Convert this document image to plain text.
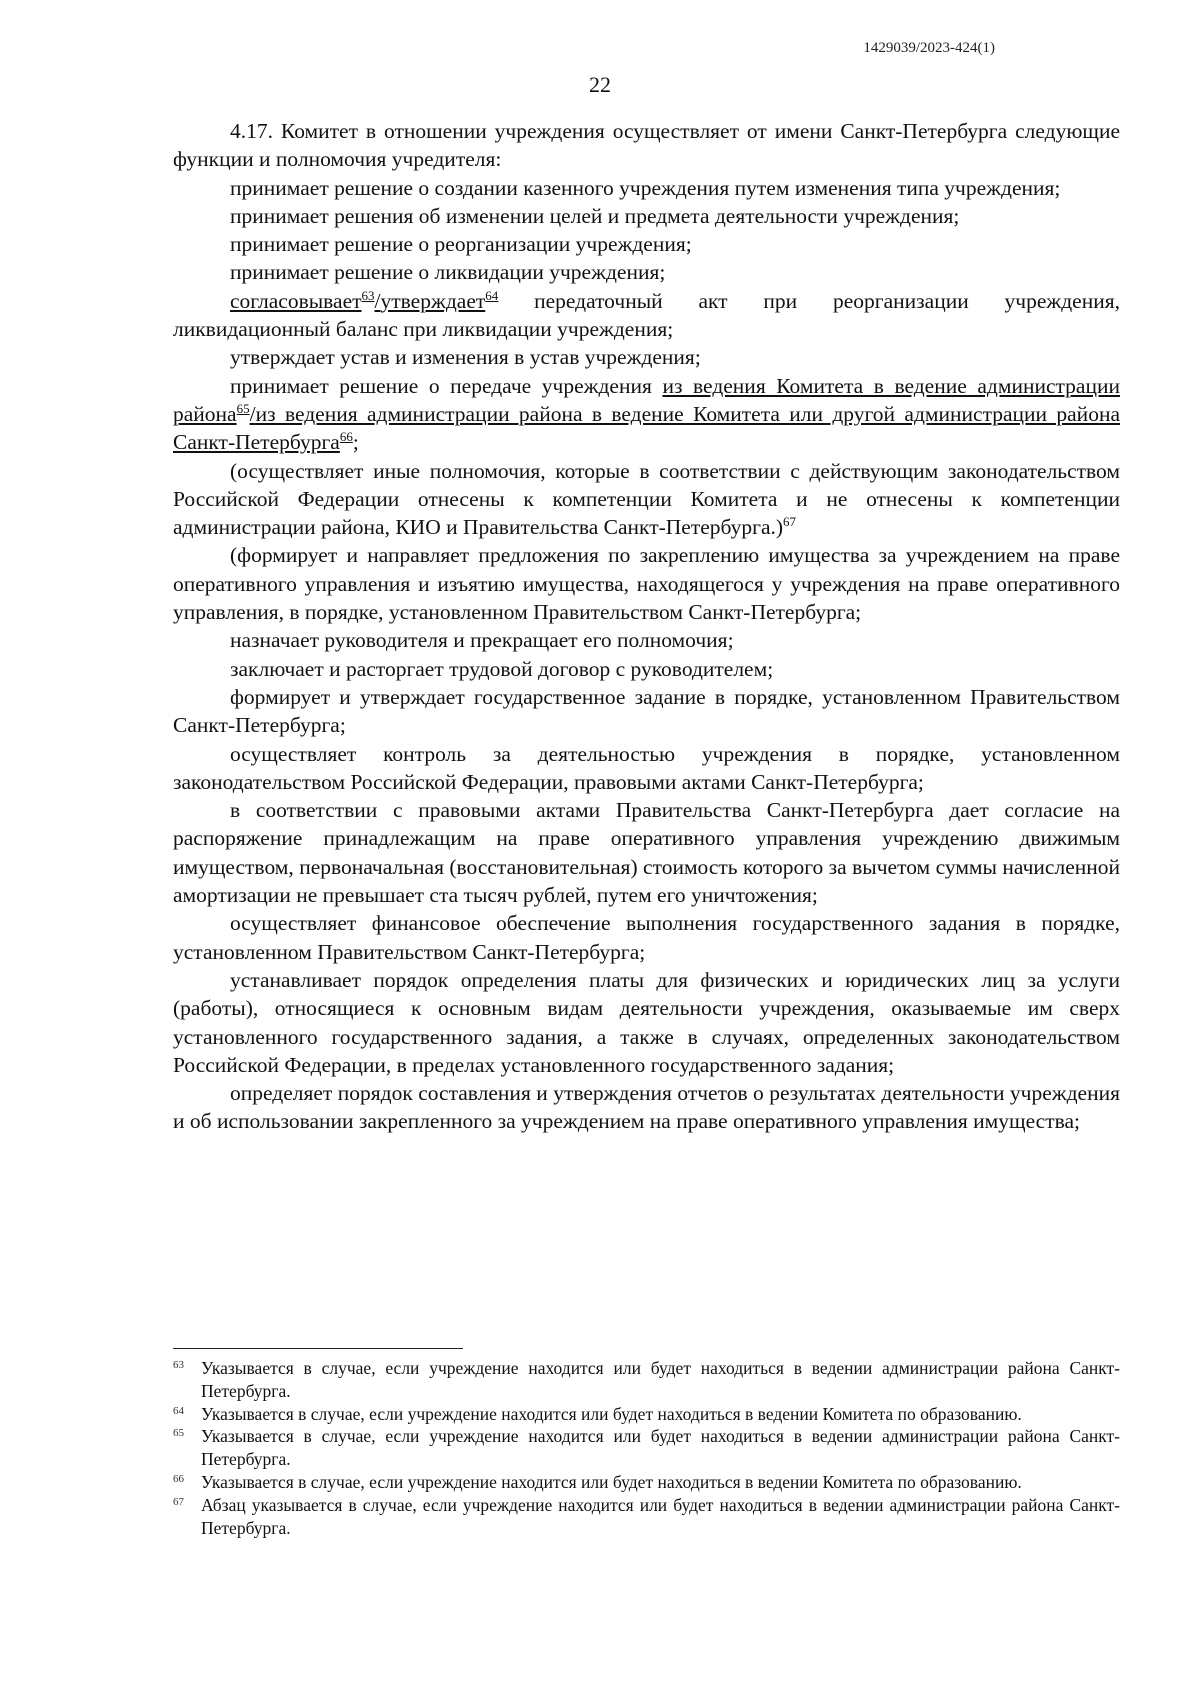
1429039/2023-424(1)
22

4.17. Комитет в отношении учреждения осуществляет от имени Санкт-Петербурга следующие функции и полномочия учредителя:

принимает решение о создании казенного учреждения путем изменения типа учреждения;

принимает решения об изменении целей и предмета деятельности учреждения;

принимает решение о реорганизации учреждения;

принимает решение о ликвидации учреждения;

согласовывает$^{63}$/утверждает$^{64}$ передаточный акт при реорганизации учреждения, ликвидационный баланс при ликвидации учреждения;

утверждает устав и изменения в устав учреждения;

принимает решение о передаче учреждения из ведения Комитета в ведение администрации района$^{65}$/из ведения администрации района в ведение Комитета или другой администрации района Санкт-Петербурга$^{66}$;

(осуществляет иные полномочия, которые в соответствии с действующим законодательством Российской Федерации отнесены к компетенции Комитета и не отнесены к компетенции администрации района, КИО и Правительства Санкт-Петербурга.)$^{67}$

(формирует и направляет предложения по закреплению имущества за учреждением на праве оперативного управления и изъятию имущества, находящегося у учреждения на праве оперативного управления, в порядке, установленном Правительством Санкт-Петербурга;

назначает руководителя и прекращает его полномочия;

заключает и расторгает трудовой договор с руководителем;

формирует и утверждает государственное задание в порядке, установленном Правительством Санкт-Петербурга;

осуществляет контроль за деятельностью учреждения в порядке, установленном законодательством Российской Федерации, правовыми актами Санкт-Петербурга;

в соответствии с правовыми актами Правительства Санкт-Петербурга дает согласие на распоряжение принадлежащим на праве оперативного управления учреждению движимым имуществом, первоначальная (восстановительная) стоимость которого за вычетом суммы начисленной амортизации не превышает ста тысяч рублей, путем его уничтожения;

осуществляет финансовое обеспечение выполнения государственного задания в порядке, установленном Правительством Санкт-Петербурга;

устанавливает порядок определения платы для физических и юридических лиц за услуги (работы), относящиеся к основным видам деятельности учреждения, оказываемые им сверх установленного государственного задания, а также в случаях, определенных законодательством Российской Федерации, в пределах установленного государственного задания;

определяет порядок составления и утверждения отчетов о результатах деятельности учреждения и об использовании закрепленного за учреждением на праве оперативного управления имущества;

63 Указывается в случае, если учреждение находится или будет находиться в ведении администрации района Санкт-Петербурга.

64 Указывается в случае, если учреждение находится или будет находиться в ведении Комитета по образованию.

65 Указывается в случае, если учреждение находится или будет находиться в ведении администрации района Санкт-Петербурга.

66 Указывается в случае, если учреждение находится или будет находиться в ведении Комитета по образованию.

67 Абзац указывается в случае, если учреждение находится или будет находиться в ведении администрации района Санкт-Петербурга.
